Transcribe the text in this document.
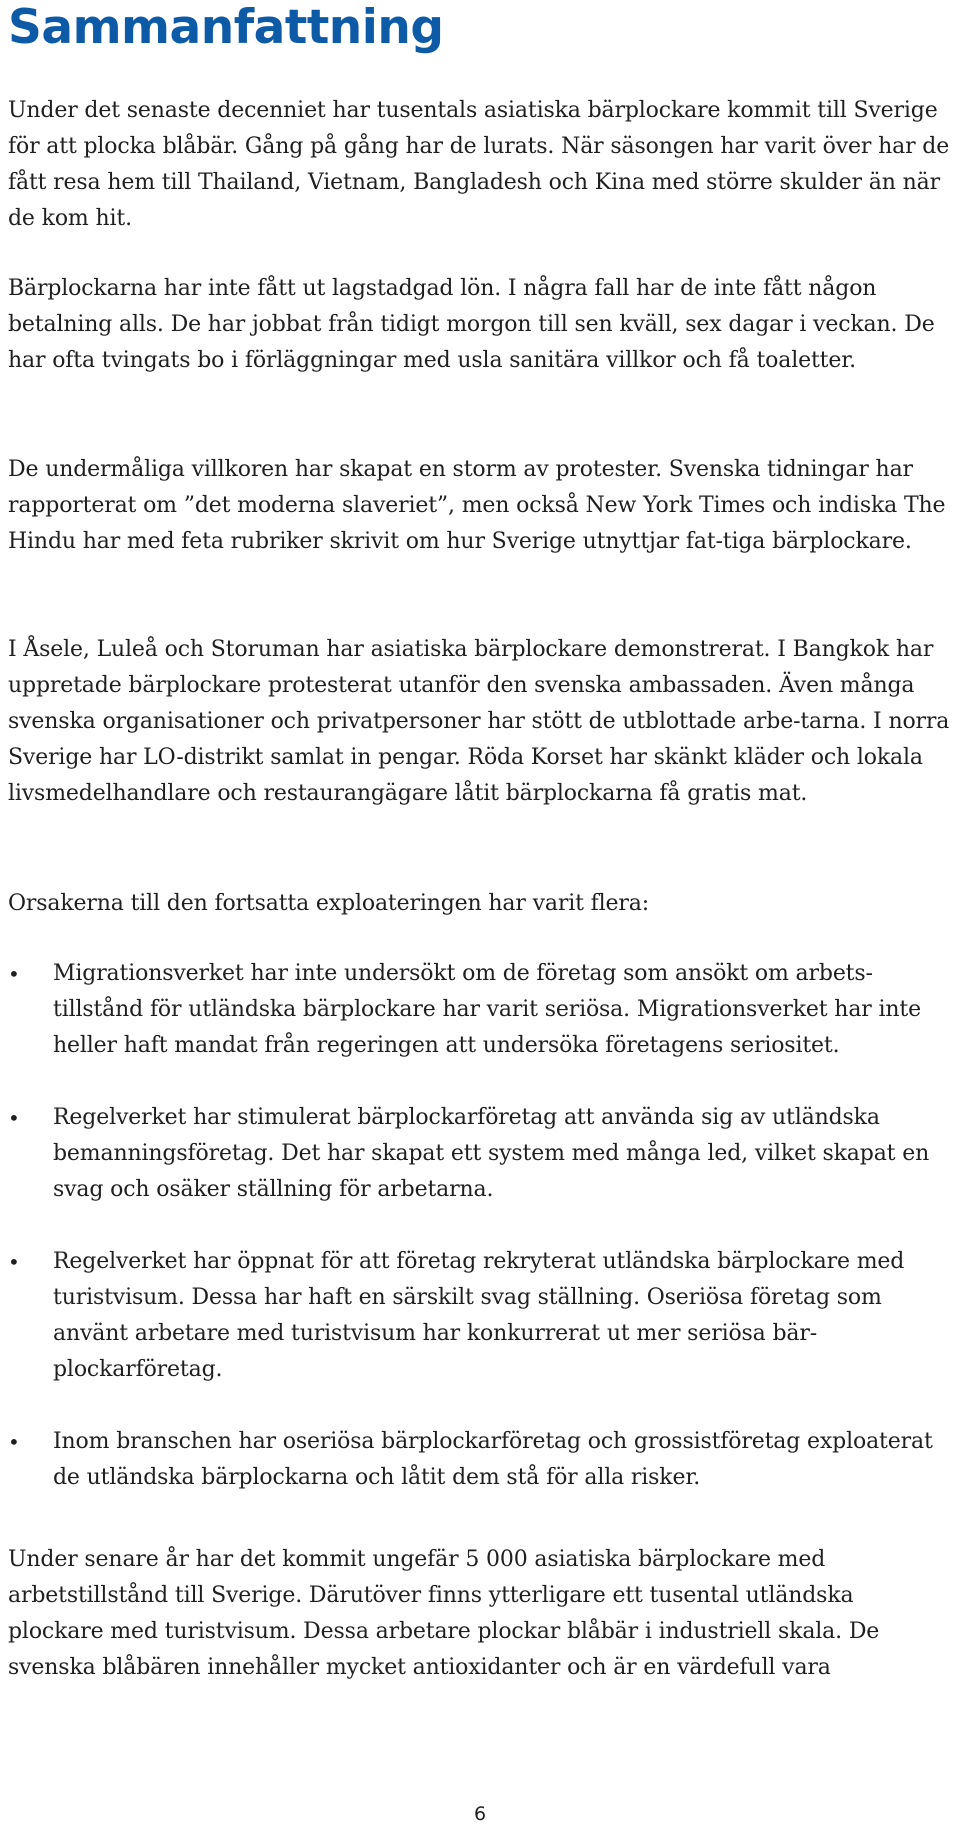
Sammanfattning

Under det senaste decenniet har tusentals asiatiska bärplockare kommit till Sverige för att plocka blåbär. Gång på gång har de lurats. När säsongen har varit över har de fått resa hem till Thailand, Vietnam, Bangladesh och Kina med större skulder än när de kom hit.

Bärplockarna har inte fått ut lagstadgad lön. I några fall har de inte fått någon betalning alls. De har jobbat från tidigt morgon till sen kväll, sex dagar i veckan. De har ofta tvingats bo i förläggningar med usla sanitära villkor och få toaletter.

De undermåliga villkoren har skapat en storm av protester. Svenska tidningar har rapporterat om ”det moderna slaveriet”, men också New York Times och indiska The Hindu har med feta rubriker skrivit om hur Sverige utnyttjar fat-tiga bärplockare.

I Åsele, Luleå och Storuman har asiatiska bärplockare demonstrerat. I Bangkok har uppretade bärplockare protesterat utanför den svenska ambassaden. Även många svenska organisationer och privatpersoner har stött de utblottade arbe-tarna. I norra Sverige har LO-distrikt samlat in pengar. Röda Korset har skänkt kläder och lokala livsmedelhandlare och restaurangägare låtit bärplockarna få gratis mat.

Orsakerna till den fortsatta exploateringen har varit flera:

• Migrationsverket har inte undersökt om de företag som ansökt om arbets-tillstånd för utländska bärplockare har varit seriösa. Migrationsverket har inte heller haft mandat från regeringen att undersöka företagens seriositet.
• Regelverket har stimulerat bärplockarföretag att använda sig av utländska bemanningsföretag. Det har skapat ett system med många led, vilket skapat en svag och osäker ställning för arbetarna.
• Regelverket har öppnat för att företag rekryterat utländska bärplockare med turistvisum. Dessa har haft en särskilt svag ställning. Oseriösa företag som använt arbetare med turistvisum har konkurrerat ut mer seriösa bär-plockarföretag.
• Inom branschen har oseriösa bärplockarföretag och grossistföretag exploaterat de utländska bärplockarna och låtit dem stå för alla risker.

Under senare år har det kommit ungefär 5 000 asiatiska bärplockare med arbetstillstånd till Sverige. Därutöver finns ytterligare ett tusental utländska plockare med turistvisum. Dessa arbetare plockar blåbär i industriell skala. De svenska blåbären innehåller mycket antioxidanter och är en värdefull vara

6
